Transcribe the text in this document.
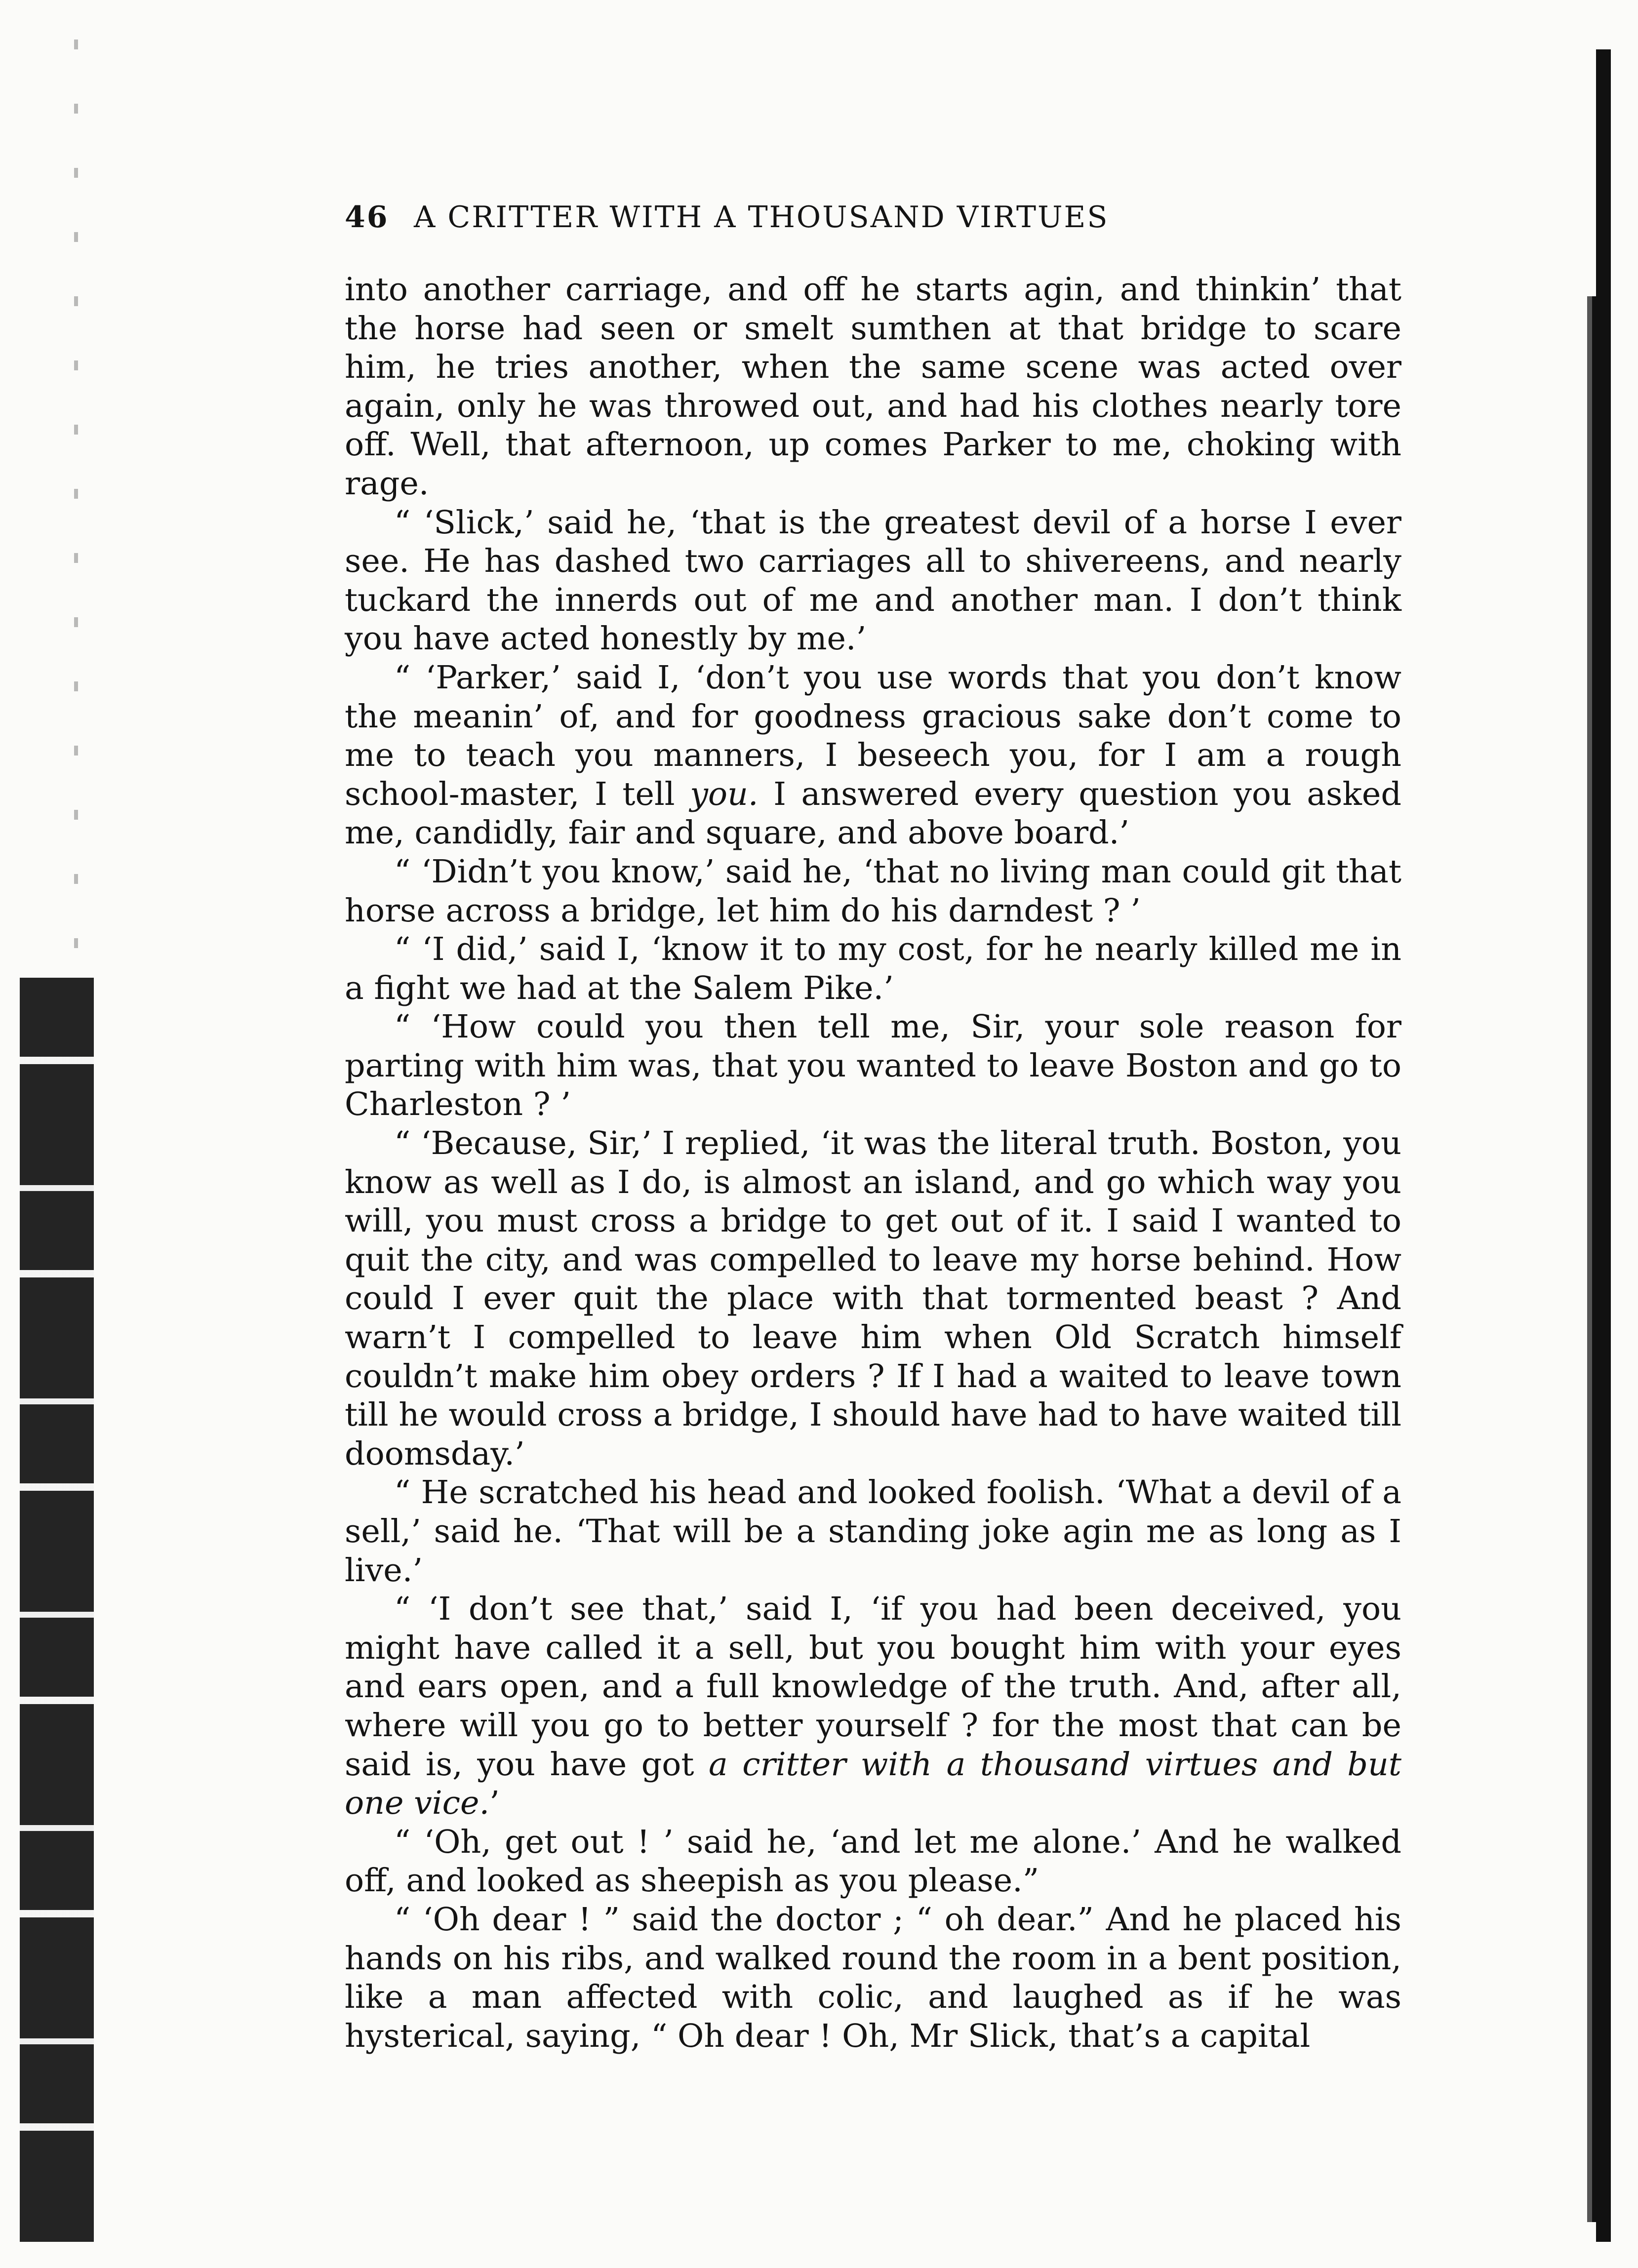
46 A CRITTER WITH A THOUSAND VIRTUES

into another carriage, and off he starts agin, and thinkin’ that the horse had seen or smelt sumthen at that bridge to scare him, he tries another, when the same scene was acted over again, only he was throwed out, and had his clothes nearly tore off. Well, that afternoon, up comes Parker to me, choking with rage.

“ ‘Slick,’ said he, ‘that is the greatest devil of a horse I ever see. He has dashed two carriages all to shivereens, and nearly tuckard the innerds out of me and another man. I don’t think you have acted honestly by me.’

“ ‘Parker,’ said I, ‘don’t you use words that you don’t know the meanin’ of, and for goodness gracious sake don’t come to me to teach you manners, I beseech you, for I am a rough school-master, I tell you. I answered every question you asked me, candidly, fair and square, and above board.’

“ ‘Didn’t you know,’ said he, ‘that no living man could git that horse across a bridge, let him do his darndest ? ’

“ ‘I did,’ said I, ‘know it to my cost, for he nearly killed me in a fight we had at the Salem Pike.’

“ ‘How could you then tell me, Sir, your sole reason for parting with him was, that you wanted to leave Boston and go to Charleston ? ’

“ ‘Because, Sir,’ I replied, ‘it was the literal truth. Boston, you know as well as I do, is almost an island, and go which way you will, you must cross a bridge to get out of it. I said I wanted to quit the city, and was compelled to leave my horse behind. How could I ever quit the place with that tormented beast ? And warn’t I compelled to leave him when Old Scratch himself couldn’t make him obey orders ? If I had a waited to leave town till he would cross a bridge, I should have had to have waited till doomsday.’

“ He scratched his head and looked foolish. ‘What a devil of a sell,’ said he. ‘That will be a standing joke agin me as long as I live.’

“ ‘I don’t see that,’ said I, ‘if you had been deceived, you might have called it a sell, but you bought him with your eyes and ears open, and a full knowledge of the truth. And, after all, where will you go to better yourself ? for the most that can be said is, you have got a critter with a thousand virtues and but one vice.’

“ ‘Oh, get out ! ’ said he, ‘and let me alone.’ And he walked off, and looked as sheepish as you please.”

“ ‘Oh dear ! ” said the doctor ; “ oh dear.” And he placed his hands on his ribs, and walked round the room in a bent position, like a man affected with colic, and laughed as if he was hysterical, saying, “ Oh dear ! Oh, Mr Slick, that’s a capital
